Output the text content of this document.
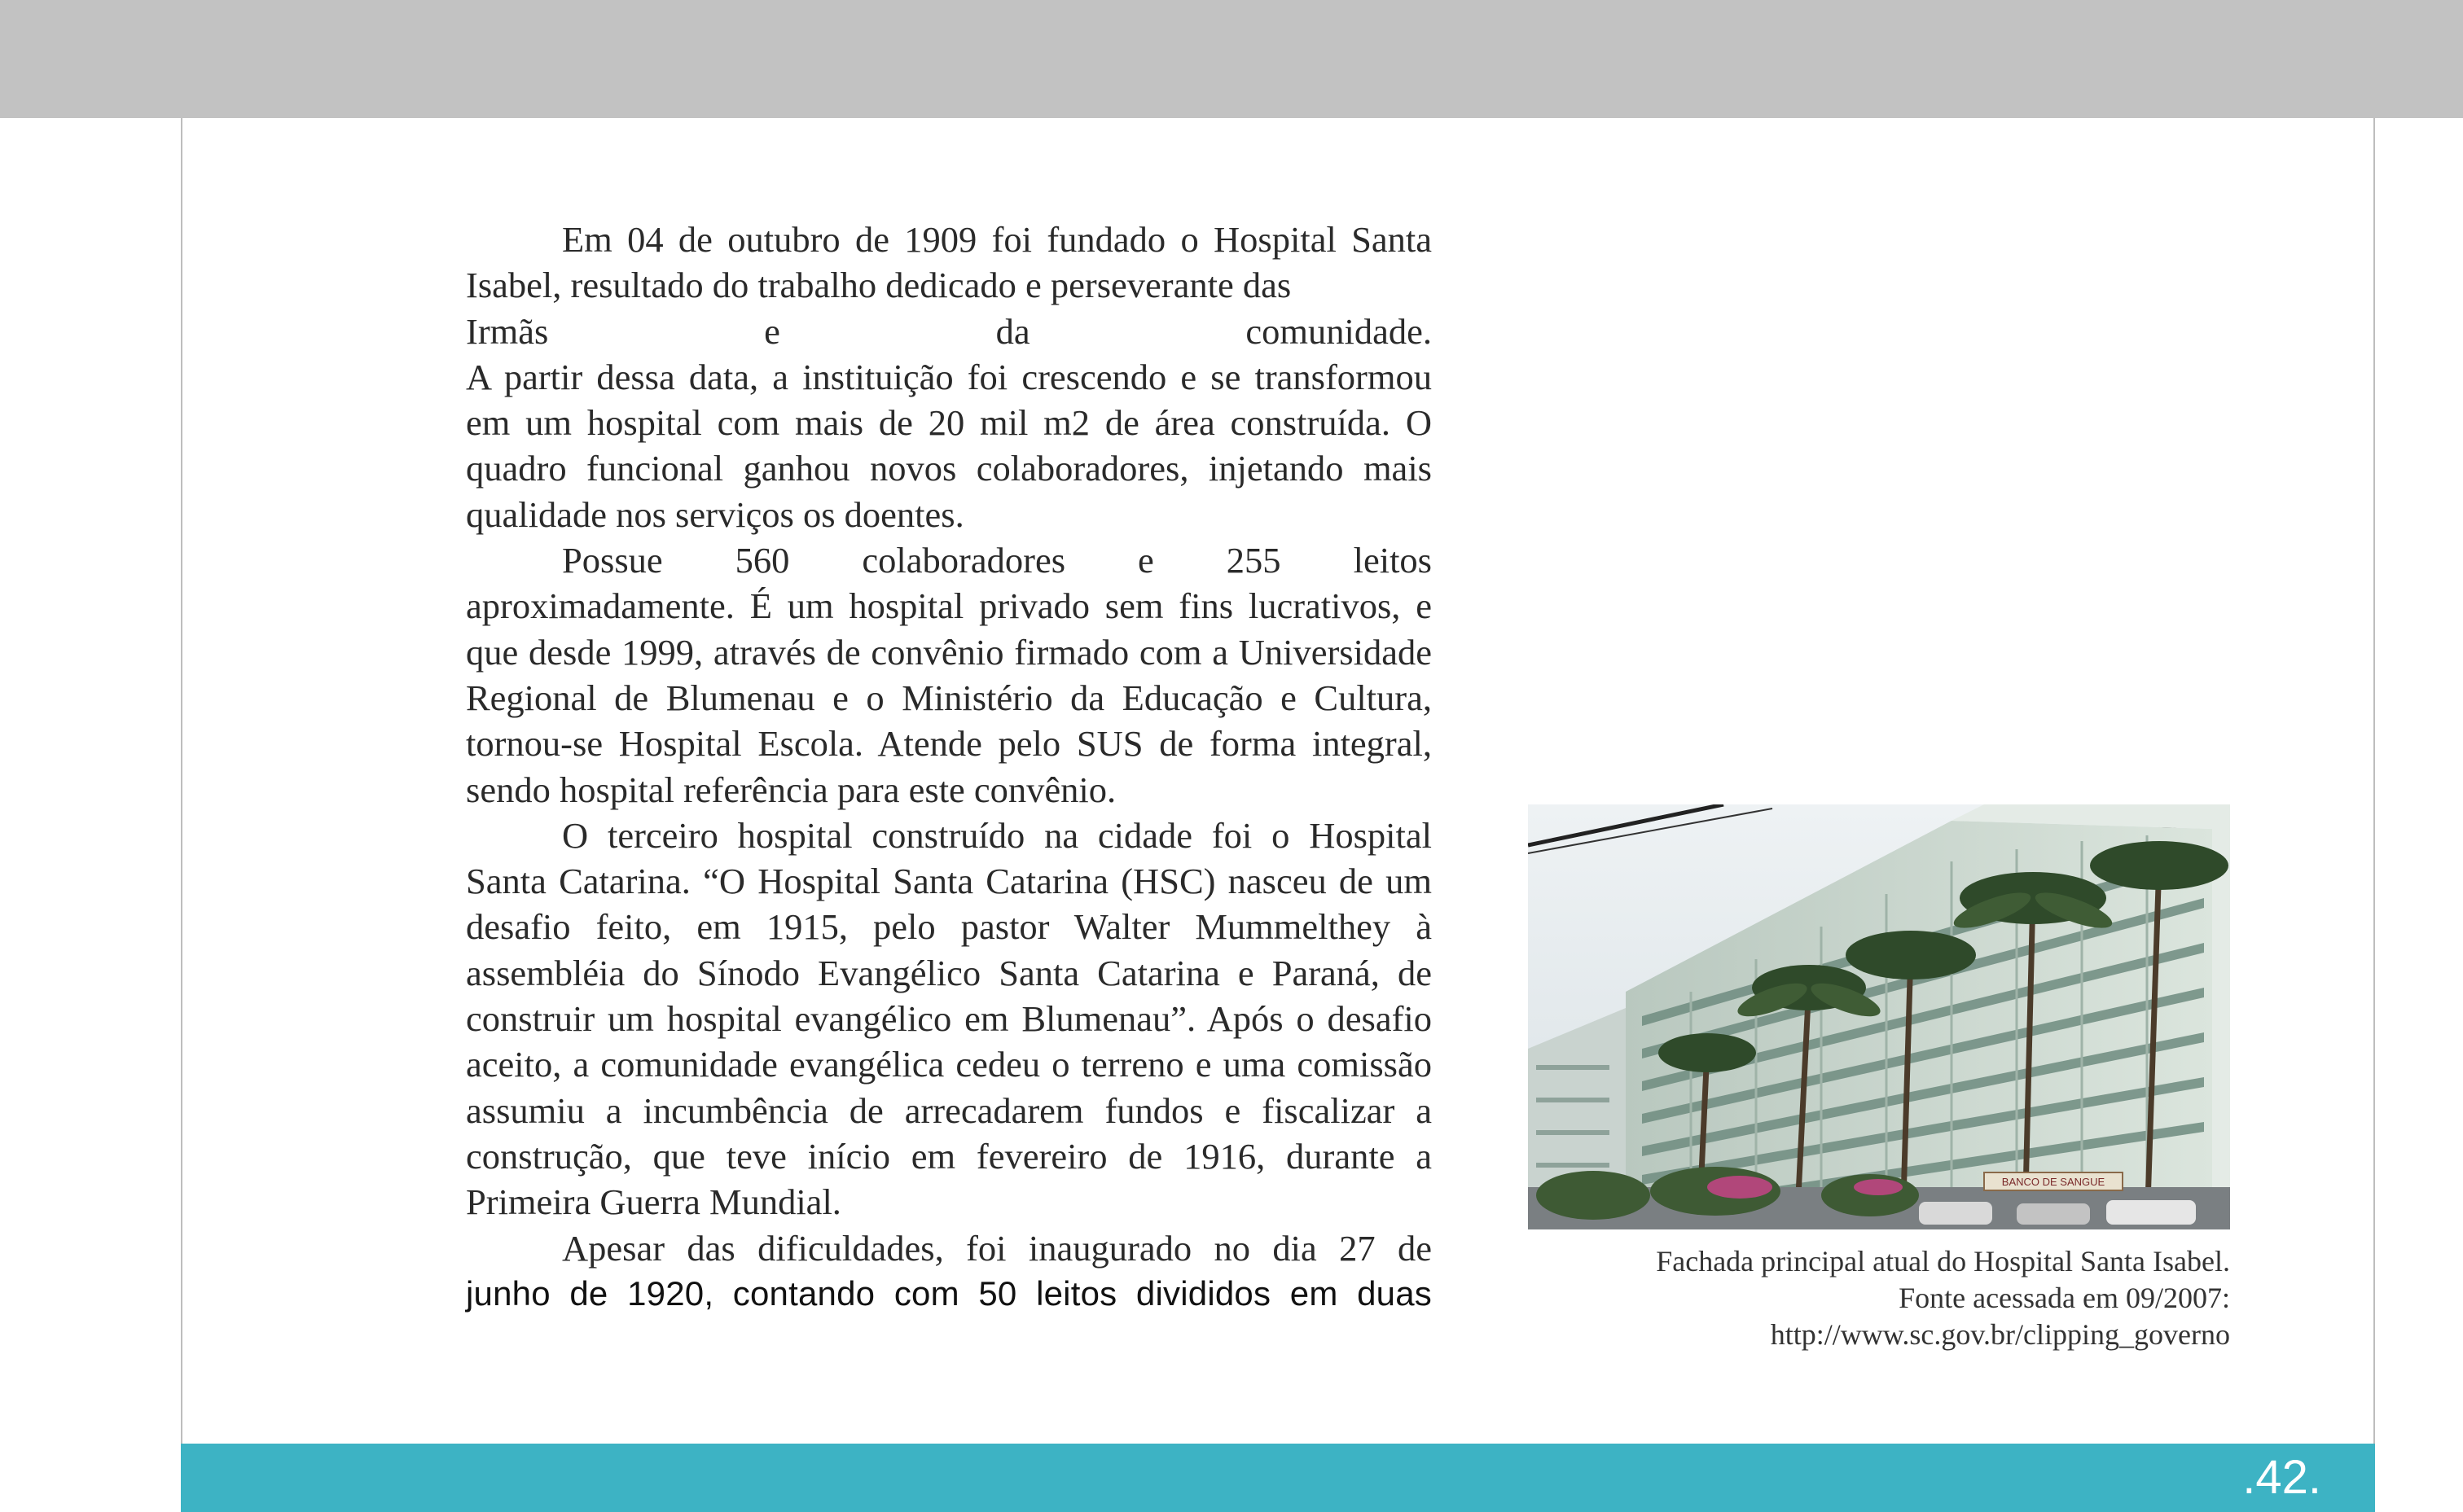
Em 04 de outubro de 1909 foi fundado o Hospital Santa Isabel, resultado do trabalho dedicado e perseverante das

Irmãs e da comunidade.

A partir dessa data, a instituição foi crescendo e se transformou em um hospital com mais de 20 mil m2 de área construída. O quadro funcional ganhou novos colaboradores, injetando mais qualidade nos serviços os doentes.

Possue 560 colaboradores e 255 leitos

aproximadamente. É um hospital privado sem fins lucrativos, e que desde 1999, através de convênio firmado com a Universidade Regional de Blumenau e o Ministério da Educação e Cultura, tornou-se Hospital Escola. Atende pelo SUS de forma integral, sendo hospital referência para este convênio.

O terceiro hospital construído na cidade foi o Hospital Santa Catarina. “O Hospital Santa Catarina (HSC) nasceu de um desafio feito, em 1915, pelo pastor Walter Mummelthey à assembléia do Sínodo Evangélico Santa Catarina e Paraná, de construir um hospital evangélico em Blumenau”. Após o desafio aceito, a comunidade evangélica cedeu o terreno e uma comissão assumiu a incumbência de arrecadarem fundos e fiscalizar a construção, que teve início em fevereiro de 1916, durante a Primeira Guerra Mundial.

Apesar das dificuldades, foi inaugurado no dia 27 de

junho de 1920, contando com 50 leitos divididos em duas

BANCO DE SANGUE
Fachada principal atual do Hospital Santa Isabel.
Fonte acessada em 09/2007:
http://www.sc.gov.br/clipping_governo
.42.
